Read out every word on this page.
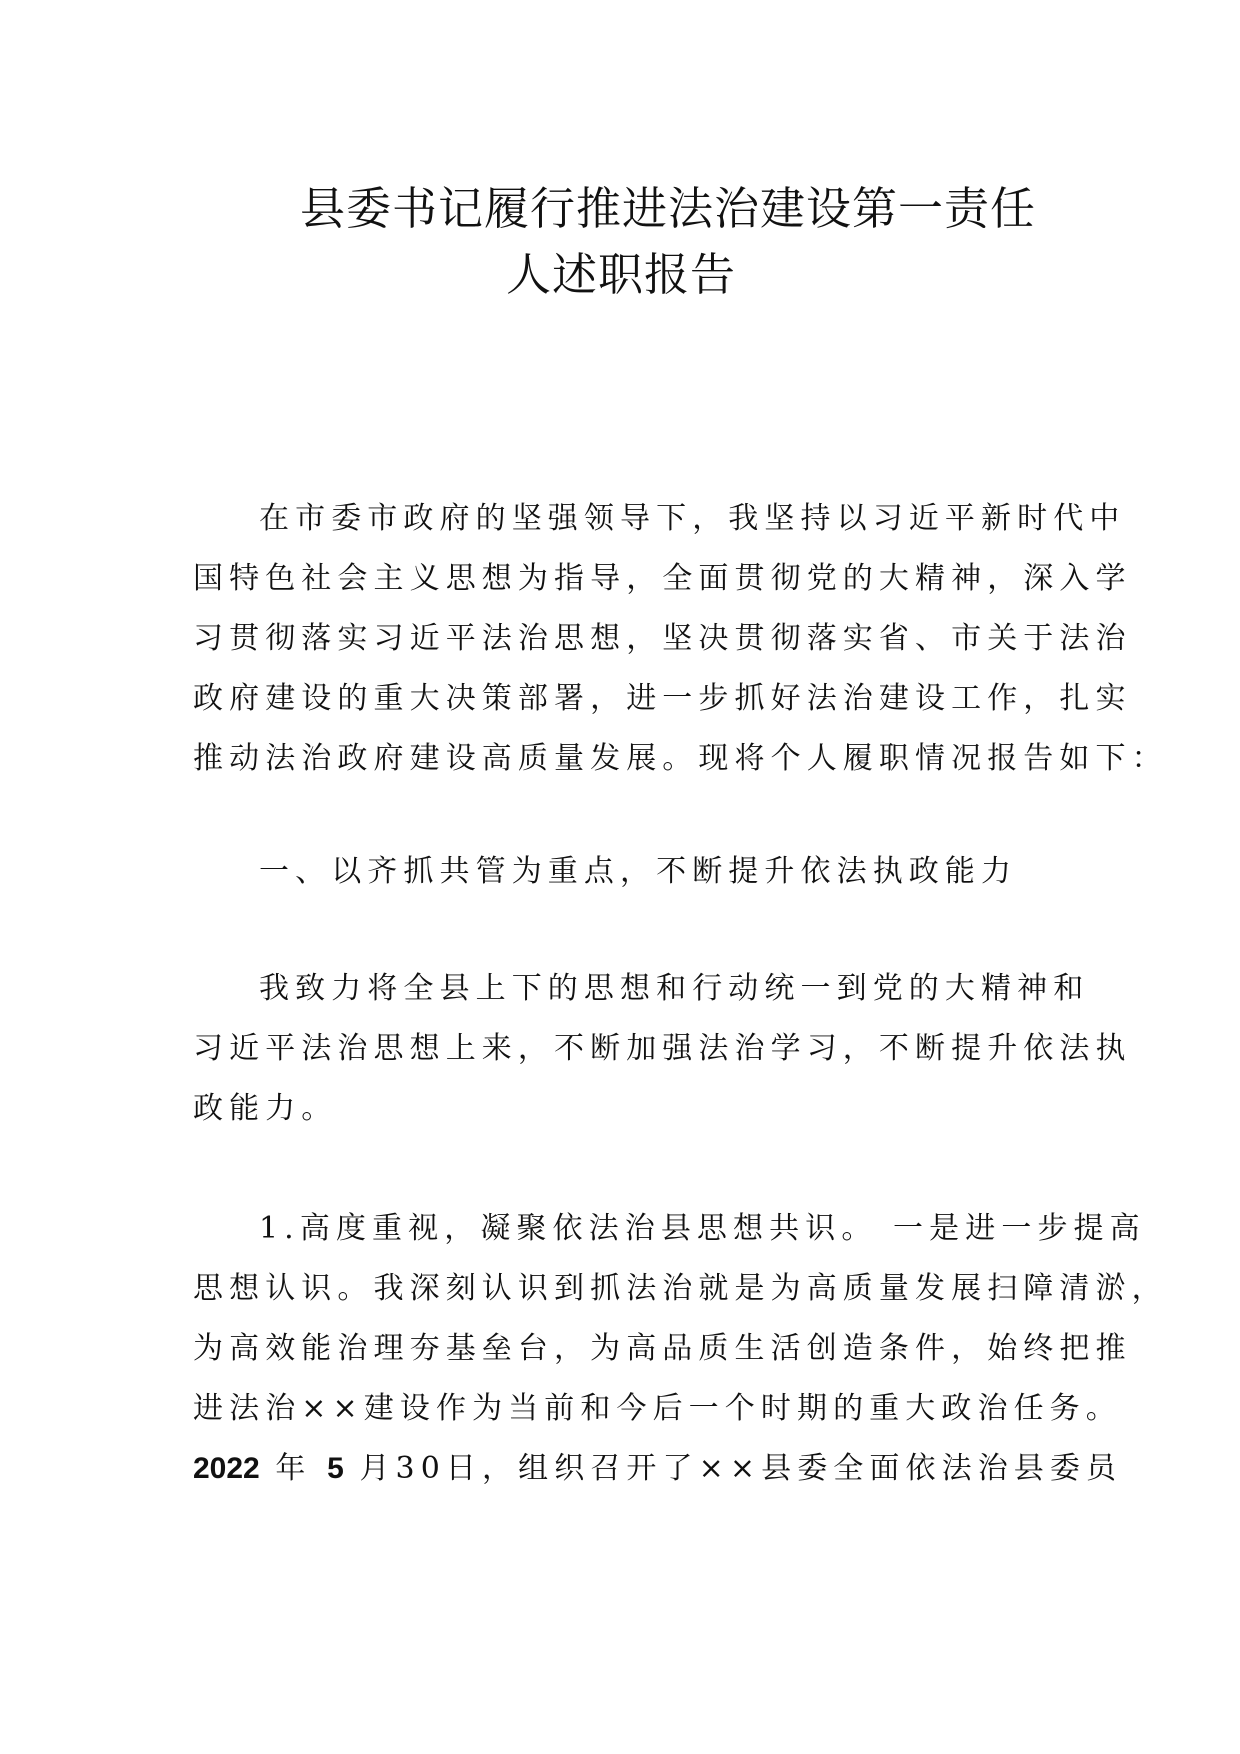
县委书记履行推进法治建设第一责任
人述职报告
在市委市政府的坚强领导下，我坚持以习近平新时代中
国特色社会主义思想为指导，全面贯彻党的大精神，深入学
习贯彻落实习近平法治思想，坚决贯彻落实省、市关于法治
政府建设的重大决策部署，进一步抓好法治建设工作，扎实
推动法治政府建设高质量发展。现将个人履职情况报告如下：
一、以齐抓共管为重点，不断提升依法执政能力
我致力将全县上下的思想和行动统一到党的大精神和
习近平法治思想上来，不断加强法治学习，不断提升依法执
政能力。
1.高度重视，凝聚依法治县思想共识。 一是进一步提高
思想认识。我深刻认识到抓法治就是为高质量发展扫障清淤，
为高效能治理夯基垒台，为高品质生活创造条件，始终把推
进法治××建设作为当前和今后一个时期的重大政治任务。
2022 年 5 月30日，组织召开了××县委全面依法治县委员
